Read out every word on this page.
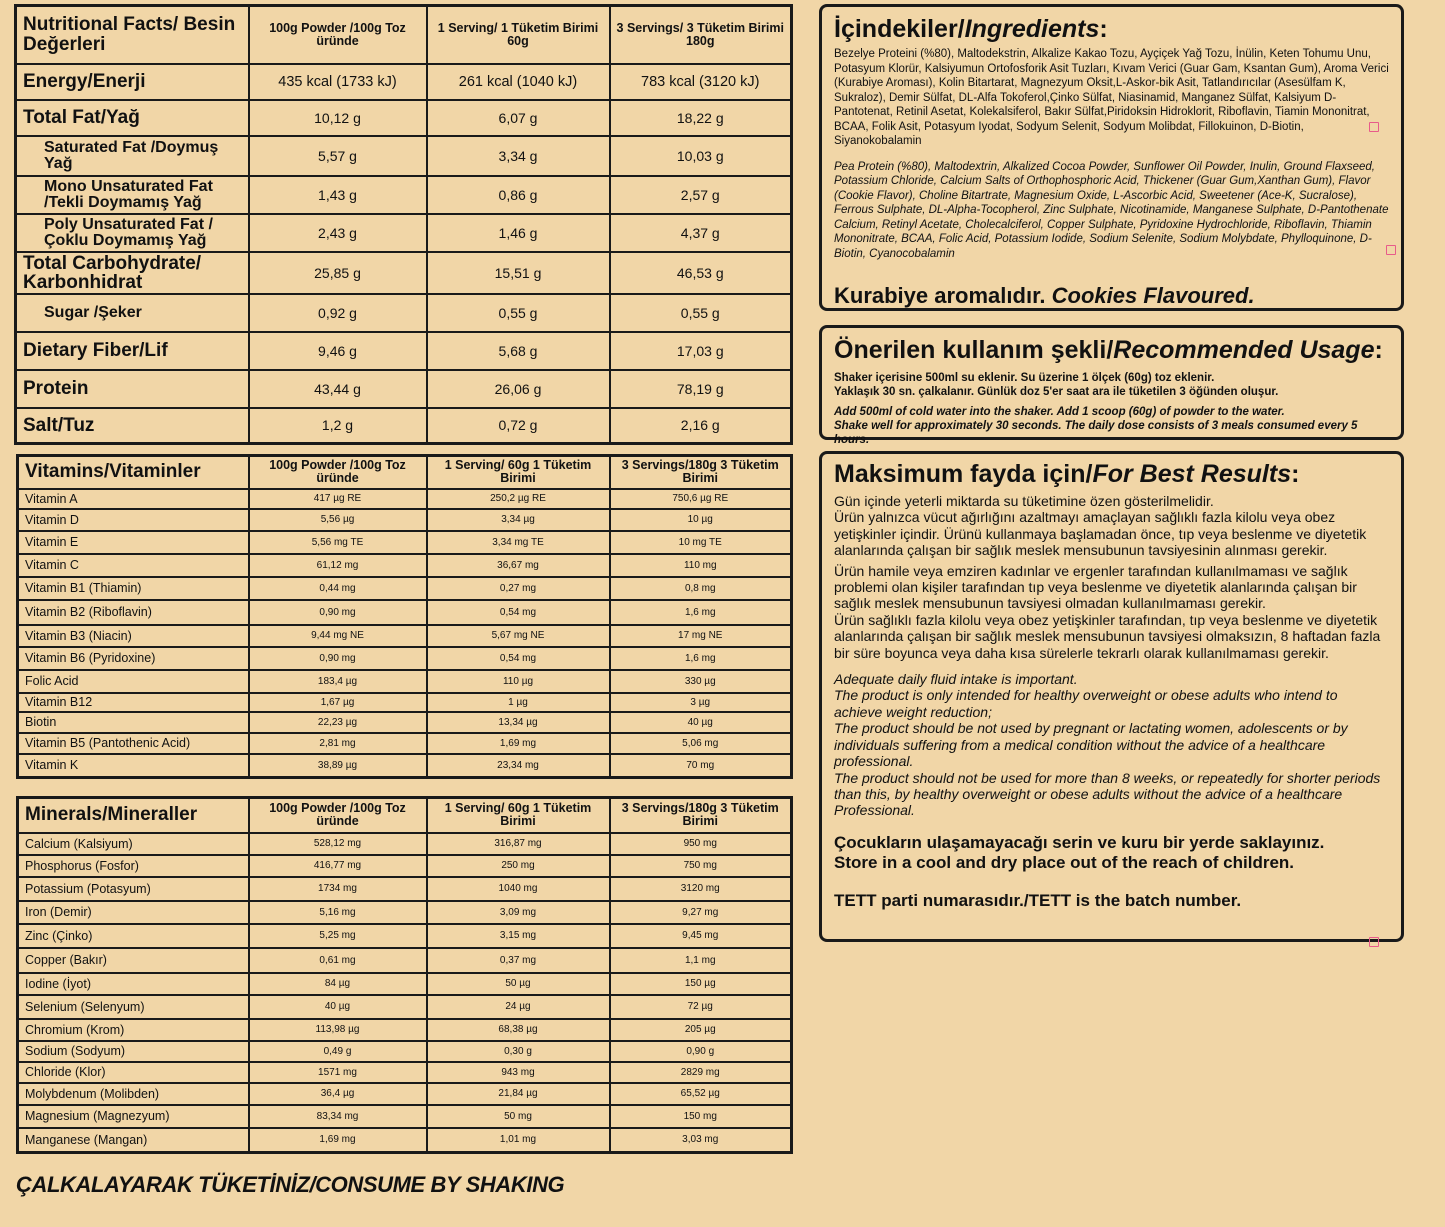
Nutritional Facts/ Besin Değerleri	100g Powder /100g Toz üründe	1 Serving/ 1 Tüketim Birimi 60g	3 Servings/ 3 Tüketim Birimi 180g
Energy/Enerji	435 kcal (1733 kJ)	261 kcal (1040 kJ)	783 kcal (3120 kJ)
Total Fat/Yağ	10,12 g	6,07 g	18,22 g
Saturated Fat /Doymuş Yağ	5,57 g	3,34 g	10,03 g
Mono Unsaturated Fat /Tekli Doymamış Yağ	1,43 g	0,86 g	2,57 g
Poly Unsaturated Fat /Çoklu Doymamış Yağ	2,43 g	1,46 g	4,37 g
Total Carbohydrate/ Karbonhidrat	25,85 g	15,51 g	46,53 g
Sugar /Şeker	0,92 g	0,55 g	0,55 g
Dietary Fiber/Lif	9,46 g	5,68 g	17,03 g
Protein	43,44 g	26,06 g	78,19 g
Salt/Tuz	1,2 g	0,72 g	2,16 g
Vitamins/Vitaminler	100g Powder /100g Toz üründe	1 Serving/ 60g 1 Tüketim Birimi	3 Servings/180g 3 Tüketim Birimi
Vitamin A	417 µg RE	250,2 µg RE	750,6 µg RE
Vitamin D	5,56 µg	3,34 µg	10 µg
Vitamin E	5,56 mg TE	3,34 mg TE	10 mg TE
Vitamin C	61,12 mg	36,67 mg	110 mg
Vitamin B1 (Thiamin)	0,44 mg	0,27 mg	0,8 mg
Vitamin B2 (Riboflavin)	0,90 mg	0,54 mg	1,6 mg
Vitamin B3 (Niacin)	9,44 mg NE	5,67 mg NE	17 mg NE
Vitamin B6 (Pyridoxine)	0,90 mg	0,54 mg	1,6 mg
Folic Acid	183,4 µg	110 µg	330 µg
Vitamin B12	1,67 µg	1 µg	3 µg
Biotin	22,23 µg	13,34 µg	40 µg
Vitamin B5 (Pantothenic Acid)	2,81 mg	1,69 mg	5,06 mg
Vitamin K	38,89 µg	23,34 mg	70 mg
Minerals/Mineraller	100g Powder /100g Toz üründe	1 Serving/ 60g 1 Tüketim Birimi	3 Servings/180g 3 Tüketim Birimi
Calcium (Kalsiyum)	528,12 mg	316,87 mg	950 mg
Phosphorus (Fosfor)	416,77 mg	250 mg	750 mg
Potassium (Potasyum)	1734 mg	1040 mg	3120 mg
Iron (Demir)	5,16 mg	3,09 mg	9,27 mg
Zinc (Çinko)	5,25 mg	3,15 mg	9,45 mg
Copper (Bakır)	0,61 mg	0,37 mg	1,1 mg
Iodine (İyot)	84 µg	50 µg	150 µg
Selenium (Selenyum)	40 µg	24 µg	72 µg
Chromium (Krom)	113,98 µg	68,38 µg	205 µg
Sodium (Sodyum)	0,49 g	0,30 g	0,90 g
Chloride (Klor)	1571 mg	943 mg	2829 mg
Molybdenum (Molibden)	36,4 µg	21,84 µg	65,52 µg
Magnesium (Magnezyum)	83,34 mg	50 mg	150 mg
Manganese (Mangan)	1,69 mg	1,01 mg	3,03 mg
İçindekiler/Ingredients:

Bezelye Proteini (%80), Maltodekstrin, Alkalize Kakao Tozu, Ayçiçek Yağ Tozu, İnülin, Keten Tohumu Unu, Potasyum Klorür, Kalsiyumun Ortofosforik Asit Tuzları, Kıvam Verici (Guar Gam, Ksantan Gum), Aroma Verici (Kurabiye Aroması), Kolin Bitartarat, Magnezyum Oksit,L-Askor-bik Asit, Tatlandırıcılar (Asesülfam K, Sukraloz), Demir Sülfat, DL-Alfa Tokoferol,Çinko Sülfat, Niasinamid, Manganez Sülfat, Kalsiyum D-Pantotenat, Retinil Asetat, Kolekalsiferol, Bakır Sülfat,Piridoksin Hidroklorit, Riboflavin, Tiamin Mononitrat, BCAA, Folik Asit, Potasyum Iyodat, Sodyum Selenit, Sodyum Molibdat, Fillokuinon, D-Biotin, Siyanokobalamin

Pea Protein (%80), Maltodextrin, Alkalized Cocoa Powder, Sunflower Oil Powder, Inulin, Ground Flaxseed, Potassium Chloride, Calcium Salts of Orthophosphoric Acid, Thickener (Guar Gum,Xanthan Gum), Flavor (Cookie Flavor), Choline Bitartrate, Magnesium Oxide, L-Ascorbic Acid, Sweetener (Ace-K, Sucralose), Ferrous Sulphate, DL-Alpha-Tocopherol, Zinc Sulphate, Nicotinamide, Manganese Sulphate, D-Pantothenate Calcium, Retinyl Acetate, Cholecalciferol, Copper Sulphate, Pyridoxine Hydrochloride, Riboflavin, Thiamin Mononitrate, BCAA, Folic Acid, Potassium Iodide, Sodium Selenite, Sodium Molybdate, Phylloquinone, D-Biotin, Cyanocobalamin

Kurabiye aromalıdır. Cookies Flavoured.
Önerilen kullanım şekli/Recommended Usage:

Shaker içerisine 500ml su eklenir. Su üzerine 1 ölçek (60g) toz eklenir.

Yaklaşık 30 sn. çalkalanır. Günlük doz 5'er saat ara ile tüketilen 3 öğünden oluşur.

Add 500ml of cold water into the shaker. Add 1 scoop (60g) of powder to the water.

Shake well for approximately 30 seconds. The daily dose consists of 3 meals consumed every 5 hours.

Maksimum fayda için/For Best Results:

Gün içinde yeterli miktarda su tüketimine özen gösterilmelidir.

Ürün yalnızca vücut ağırlığını azaltmayı amaçlayan sağlıklı fazla kilolu veya obez yetişkinler içindir. Ürünü kullanmaya başlamadan önce, tıp veya beslenme ve diyetetik alanlarında çalışan bir sağlık meslek mensubunun tavsiyesinin alınması gerekir.

Ürün hamile veya emziren kadınlar ve ergenler tarafından kullanılmaması ve sağlık problemi olan kişiler tarafından tıp veya beslenme ve diyetetik alanlarında çalışan bir sağlık meslek mensubunun tavsiyesi olmadan kullanılmaması gerekir.

Ürün sağlıklı fazla kilolu veya obez yetişkinler tarafından, tıp veya beslenme ve diyetetik alanlarında çalışan bir sağlık meslek mensubunun tavsiyesi olmaksızın, 8 haftadan fazla bir süre boyunca veya daha kısa sürelerle tekrarlı olarak kullanılmaması gerekir.

Adequate daily fluid intake is important.

The product is only intended for healthy overweight or obese adults who intend to achieve weight reduction;

The product should be not used by pregnant or lactating women, adolescents or by individuals suffering from a medical condition without the advice of a healthcare professional.

The product should not be used for more than 8 weeks, or repeatedly for shorter periods than this, by healthy overweight or obese adults without the advice of a healthcare Professional.

Çocukların ulaşamayacağı serin ve kuru bir yerde saklayınız.
Store in a cool and dry place out of the reach of children.
TETT parti numarasıdır./TETT is the batch number.
ÇALKALAYARAK TÜKETİNİZ/CONSUME BY SHAKING
